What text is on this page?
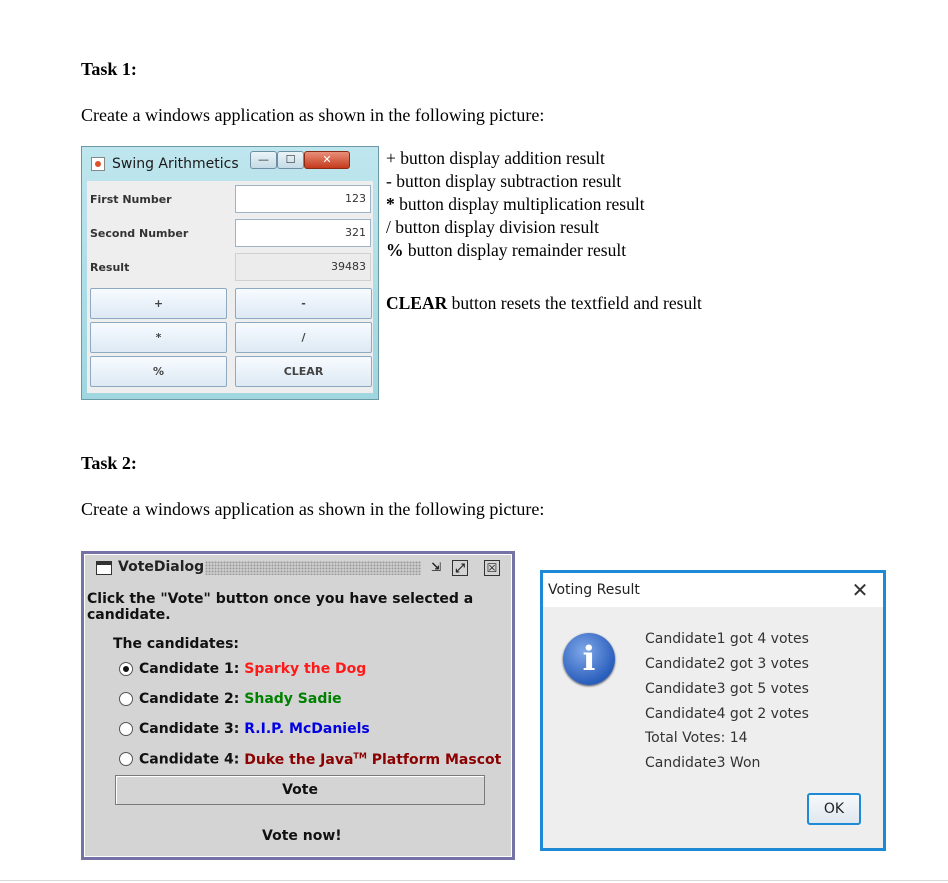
Task 1:
Create a windows application as shown in the following picture:
Swing Arithmetics	—	☐	✕
First Number	123
Second Number	321
Result	39483
+	-
*	/
%	CLEAR
+ button display addition result
- button display subtraction result
* button display multiplication result
/ button display division result
% button display remainder result
CLEAR button resets the textfield and result
Task 2:
Create a windows application as shown in the following picture:
VoteDialog	⇲ ⤢ ☒
Click the "Vote" button once you have selected a candidate.
The candidates:
Candidate 1: Sparky the Dog
Candidate 2: Shady Sadie
Candidate 3: R.I.P. McDaniels
Candidate 4: Duke the Java™ Platform Mascot
Vote
Vote now!
Voting Result	✕
i	Candidate1 got 4 votes
Candidate2 got 3 votes
Candidate3 got 5 votes
Candidate4 got 2 votes
Total Votes: 14
Candidate3 Won
OK
